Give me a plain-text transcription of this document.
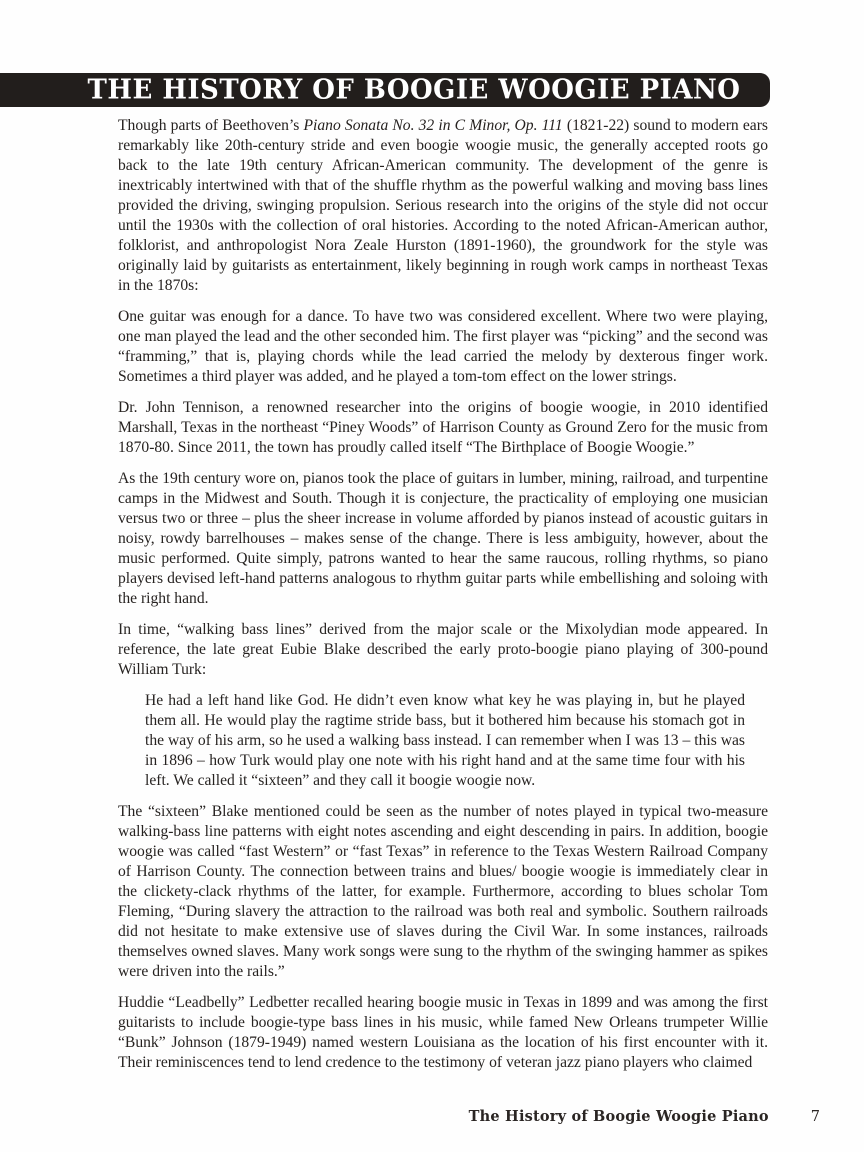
THE HISTORY OF BOOGIE WOOGIE PIANO

Though parts of Beethoven’s Piano Sonata No. 32 in C Minor, Op. 111 (1821-22) sound to modern ears remarkably like 20th-century stride and even boogie woogie music, the generally accepted roots go back to the late 19th century African-American community. The development of the genre is inextricably intertwined with that of the shuffle rhythm as the powerful walking and moving bass lines provided the driving, swinging propulsion. Serious research into the origins of the style did not occur until the 1930s with the collection of oral histories. According to the noted African-American author, folklorist, and anthropologist Nora Zeale Hurston (1891-1960), the groundwork for the style was originally laid by guitarists as entertainment, likely beginning in rough work camps in northeast Texas in the 1870s:

One guitar was enough for a dance. To have two was considered excellent. Where two were playing, one man played the lead and the other seconded him. The first player was “picking” and the second was “framming,” that is, playing chords while the lead carried the melody by dexterous finger work. Sometimes a third player was added, and he played a tom-tom effect on the lower strings.

Dr. John Tennison, a renowned researcher into the origins of boogie woogie, in 2010 identified Marshall, Texas in the northeast “Piney Woods” of Harrison County as Ground Zero for the music from 1870-80. Since 2011, the town has proudly called itself “The Birthplace of Boogie Woogie.”

As the 19th century wore on, pianos took the place of guitars in lumber, mining, railroad, and turpentine camps in the Midwest and South. Though it is conjecture, the practicality of employing one musician versus two or three – plus the sheer increase in volume afforded by pianos instead of acoustic guitars in noisy, rowdy barrelhouses – makes sense of the change. There is less ambiguity, however, about the music performed. Quite simply, patrons wanted to hear the same raucous, rolling rhythms, so piano players devised left-hand patterns analogous to rhythm guitar parts while embellishing and soloing with the right hand.

In time, “walking bass lines” derived from the major scale or the Mixolydian mode appeared. In reference, the late great Eubie Blake described the early proto-boogie piano playing of 300-pound William Turk:

He had a left hand like God. He didn’t even know what key he was playing in, but he played them all. He would play the ragtime stride bass, but it bothered him because his stomach got in the way of his arm, so he used a walking bass instead. I can remember when I was 13 – this was in 1896 – how Turk would play one note with his right hand and at the same time four with his left. We called it “sixteen” and they call it boogie woogie now.

The “sixteen” Blake mentioned could be seen as the number of notes played in typical two-measure walking-bass line patterns with eight notes ascending and eight descending in pairs. In addition, boogie woogie was called “fast Western” or “fast Texas” in reference to the Texas Western Railroad Company of Harrison County. The connection between trains and blues/ boogie woogie is immediately clear in the clickety-clack rhythms of the latter, for example. Furthermore, according to blues scholar Tom Fleming, “During slavery the attraction to the railroad was both real and symbolic. Southern railroads did not hesitate to make extensive use of slaves during the Civil War. In some instances, railroads themselves owned slaves. Many work songs were sung to the rhythm of the swinging hammer as spikes were driven into the rails.”

Huddie “Leadbelly” Ledbetter recalled hearing boogie music in Texas in 1899 and was among the first guitarists to include boogie-type bass lines in his music, while famed New Orleans trumpeter Willie “Bunk” Johnson (1879-1949) named western Louisiana as the location of his first encounter with it. Their reminiscences tend to lend credence to the testimony of veteran jazz piano players who claimed

The History of Boogie Woogie Piano	7
